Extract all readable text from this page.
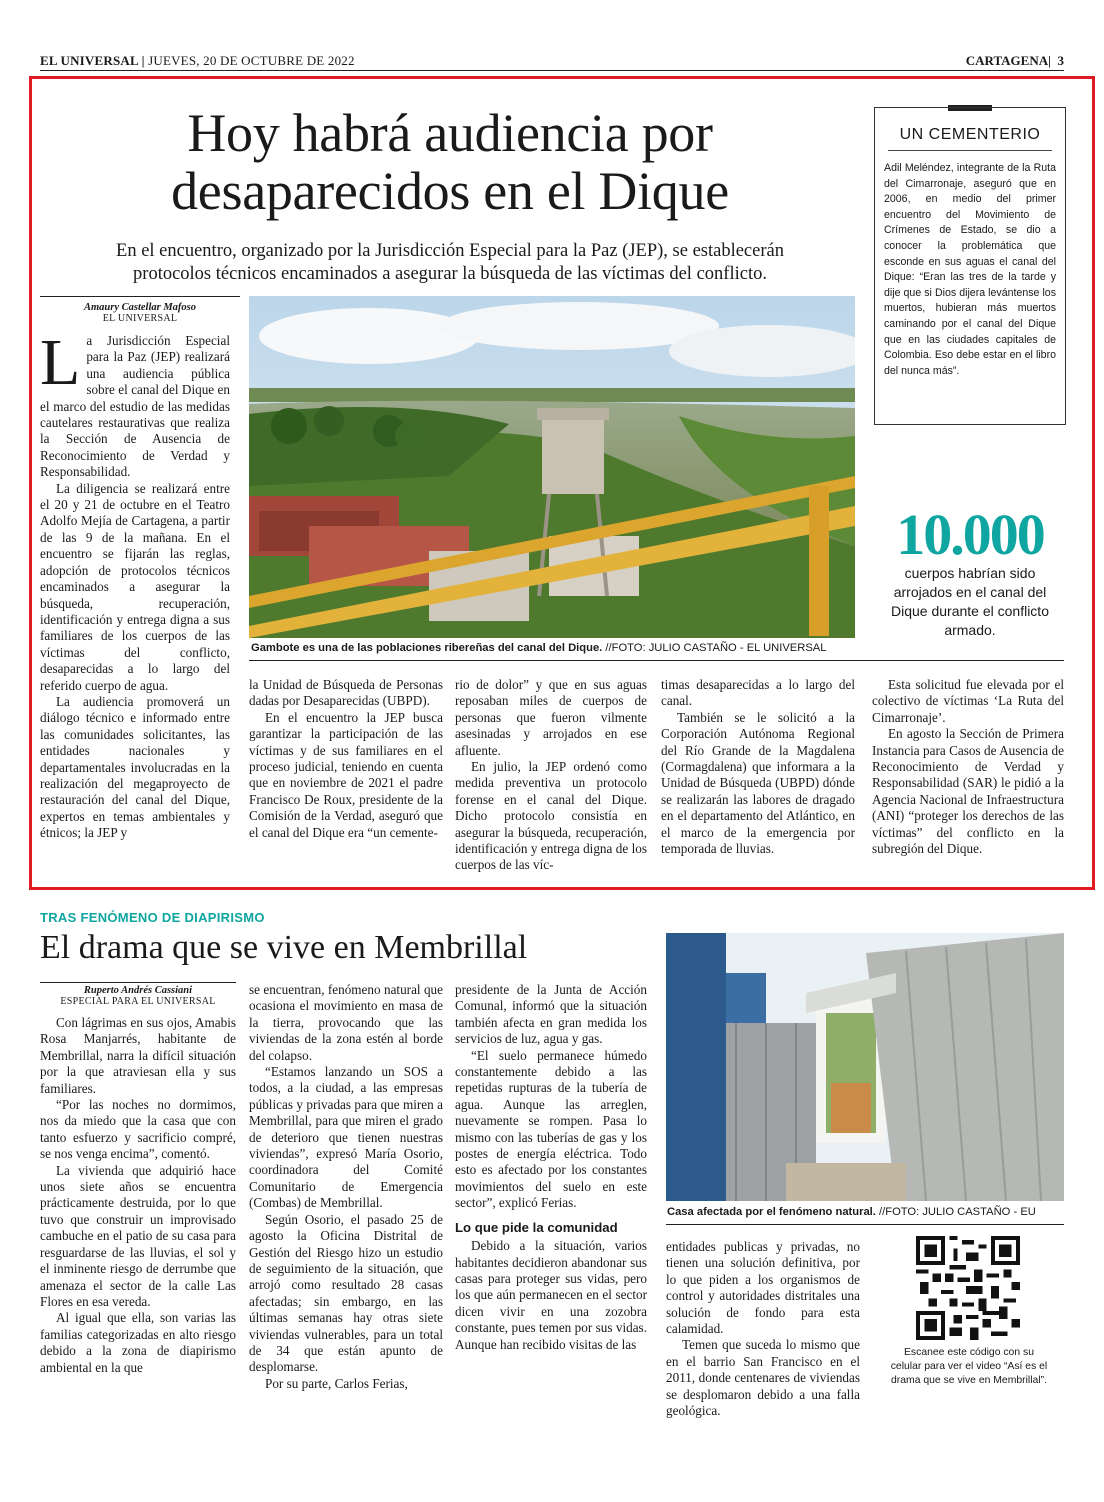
EL UNIVERSAL | JUEVES, 20 DE OCTUBRE DE 2022	CARTAGENA|  3
Hoy habrá audiencia por
desaparecidos en el Dique
En el encuentro, organizado por la Jurisdicción Especial para la Paz (JEP), se establecerán
protocolos técnicos encaminados a asegurar la búsqueda de las víctimas del conflicto.
UN CEMENTERIO
Adil Meléndez, integrante de la Ruta del Cimarronaje, aseguró que en 2006, en medio del primer encuentro del Movimiento de Crímenes de Estado, se dio a conocer la problemática que esconde en sus aguas el canal del Dique: “Eran las tres de la tarde y dije que si Dios dijera levántense los muertos, hubieran más muertos caminando por el canal del Dique que en las ciudades capitales de Colombia. Eso debe estar en el libro del nunca más”.
10.000
cuerpos habrían sido arrojados en el canal del Dique durante el conflicto armado.
Amaury Castellar Mafoso
EL UNIVERSAL
L a Jurisdicción Especial para la Paz (JEP) realizará una audiencia pública sobre el canal del Dique en el marco del estudio de las medidas cautelares restaurativas que realiza la Sección de Ausencia de Reconocimiento de Verdad y Responsabilidad.

La diligencia se realizará entre el 20 y 21 de octubre en el Teatro Adolfo Mejía de Cartagena, a partir de las 9 de la mañana. En el encuentro se fijarán las reglas, adopción de protocolos técnicos encaminados a asegurar la búsqueda, recuperación, identificación y entrega digna a sus familiares de los cuerpos de las víctimas del conflicto, desaparecidas a lo largo del referido cuerpo de agua.

La audiencia promoverá un diálogo técnico e informado entre las comunidades solicitantes, las entidades nacionales y departamentales involucradas en la realización del megaproyecto de restauración del canal del Dique, expertos en temas ambientales y étnicos; la JEP y

Gambote es una de las poblaciones ribereñas del canal del Dique. //FOTO: JULIO CASTAÑO - EL UNIVERSAL

la Unidad de Búsqueda de Personas dadas por Desaparecidas (UBPD).

En el encuentro la JEP busca garantizar la participación de las víctimas y de sus familiares en el proceso judicial, teniendo en cuenta que en noviembre de 2021 el padre Francisco De Roux, presidente de la Comisión de la Verdad, aseguró que el canal del Dique era “un cemente-

rio de dolor” y que en sus aguas reposaban miles de cuerpos de personas que fueron vilmente asesinadas y arrojados en ese afluente.

En julio, la JEP ordenó como medida preventiva un protocolo forense en el canal del Dique. Dicho protocolo consistía en asegurar la búsqueda, recuperación, identificación y entrega digna de los cuerpos de las víc-

timas desaparecidas a lo largo del canal.

También se le solicitó a la Corporación Autónoma Regional del Río Grande de la Magdalena (Cormagdalena) que informara a la Unidad de Búsqueda (UBPD) dónde se realizarán las labores de dragado en el departamento del Atlántico, en el marco de la emergencia por temporada de lluvias.

Esta solicitud fue elevada por el colectivo de víctimas ‘La Ruta del Cimarronaje’.

En agosto la Sección de Primera Instancia para Casos de Ausencia de Reconocimiento de Verdad y Responsabilidad (SAR) le pidió a la Agencia Nacional de Infraestructura (ANI) “proteger los derechos de las víctimas” del conflicto en la subregión del Dique.

TRAS FENÓMENO DE DIAPIRISMO
El drama que se vive en Membrillal
Ruperto Andrés Cassiani
ESPECIAL PARA EL UNIVERSAL

Con lágrimas en sus ojos, Amabis Rosa Manjarrés, habitante de Membrillal, narra la difícil situación por la que atraviesan ella y sus familiares.

“Por las noches no dormimos, nos da miedo que la casa que con tanto esfuerzo y sacrificio compré, se nos venga encima”, comentó.

La vivienda que adquirió hace unos siete años se encuentra prácticamente destruida, por lo que tuvo que construir un improvisado cambuche en el patio de su casa para resguardarse de las lluvias, el sol y el inminente riesgo de derrumbe que amenaza el sector de la calle Las Flores en esa vereda.

Al igual que ella, son varias las familias categorizadas en alto riesgo debido a la zona de diapirismo ambiental en la que

se encuentran, fenómeno natural que ocasiona el movimiento en masa de la tierra, provocando que las viviendas de la zona estén al borde del colapso.

“Estamos lanzando un SOS a todos, a la ciudad, a las empresas públicas y privadas para que miren a Membrillal, para que miren el grado de deterioro que tienen nuestras viviendas”, expresó María Osorio, coordinadora del Comité Comunitario de Emergencia (Combas) de Membrillal.

Según Osorio, el pasado 25 de agosto la Oficina Distrital de Gestión del Riesgo hizo un estudio de seguimiento de la situación, que arrojó como resultado 28 casas afectadas; sin embargo, en las últimas semanas hay otras siete viviendas vulnerables, para un total de 34 que están apunto de desplomarse.

Por su parte, Carlos Ferias,

presidente de la Junta de Acción Comunal, informó que la situación también afecta en gran medida los servicios de luz, agua y gas.

“El suelo permanece húmedo constantemente debido a las repetidas rupturas de la tubería de agua. Aunque las arreglen, nuevamente se rompen. Pasa lo mismo con las tuberías de gas y los postes de energía eléctrica. Todo esto es afectado por los constantes movimientos del suelo en este sector”, explicó Ferias.

Lo que pide la comunidad

Debido a la situación, varios habitantes decidieron abandonar sus casas para proteger sus vidas, pero los que aún permanecen en el sector dicen vivir en una zozobra constante, pues temen por sus vidas. Aunque han recibido visitas de las

Casa afectada por el fenómeno natural. //FOTO: JULIO CASTAÑO - EU

entidades publicas y privadas, no tienen una solución definitiva, por lo que piden a los organismos de control y autoridades distritales una solución de fondo para esta calamidad.

Temen que suceda lo mismo que en el barrio San Francisco en el 2011, donde centenares de viviendas se desplomaron debido a una falla geológica.

Escanee este código con su celular para ver el video “Así es el drama que se vive en Membrillal”.
